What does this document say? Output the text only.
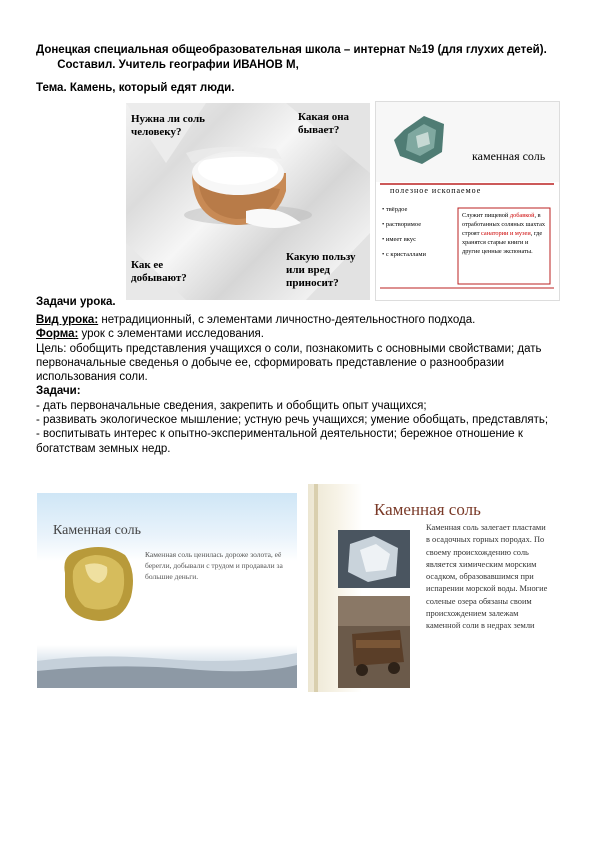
Донецкая специальная общеобразовательная школа – интернат №19 (для глухих детей).  Составил. Учитель географии ИВАНОВ М,
Тема. Камень, который едят люди.
Нужна ли соль человеку?
Какая она бывает?
Как ее добывают?
Какую пользу или вред приносит?
каменная соль
полезное ископаемое
• твёрдое
• растворимое
• имеет вкус
• с кристаллами
Служит пищевой добавкой, в отработанных соляных шахтах строят санатории и музеи, где хранятся старые книги и другие ценные экспонаты.
Задачи урока.

Вид урока: нетрадиционный, с элементами личностно-деятельностного подхода.

Форма: урок с элементами исследования.

Цель: обобщить представления учащихся о соли, познакомить с основными свойствами; дать первоначальные сведенья о добыче ее, сформировать представление о разнообразии использования соли.

Задачи:

- дать первоначальные сведения, закрепить и обобщить опыт учащихся;

- развивать экологическое мышление; устную речь учащихся; умение обобщать, представлять;

- воспитывать интерес к опытно-экспериментальной деятельности; бережное отношение к богатствам земных недр.

Каменная соль
Каменная соль ценилась дороже золота, её берегли, добывали с трудом и продавали за большие деньги.
Каменная соль
Каменная соль залегает пластами в осадочных горных породах. По своему происхождению соль является химическим морским осадком, образовавшимся при испарении морской воды. Многие соленые озера обязаны своим происхождением залежам каменной соли в недрах земли
